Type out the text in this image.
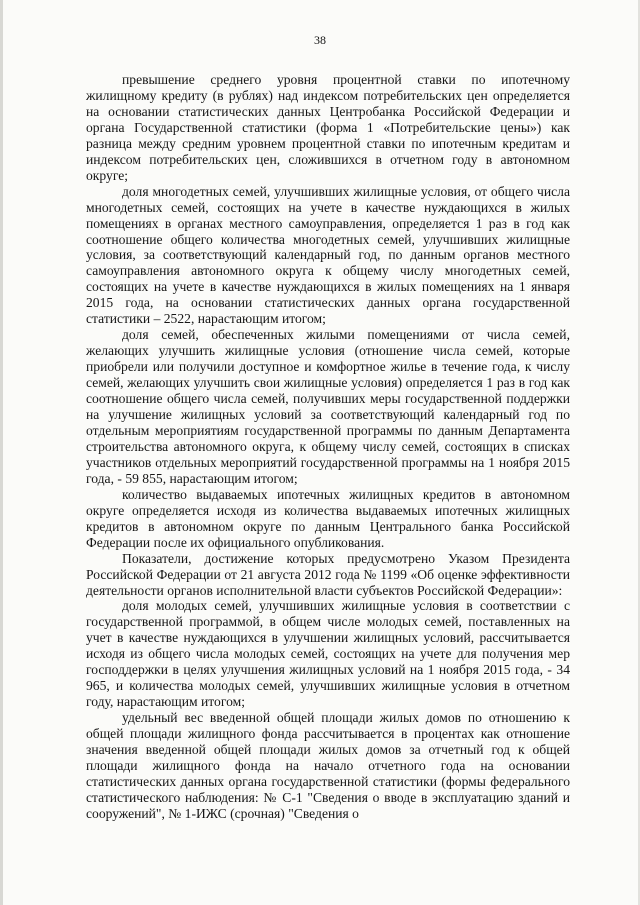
38

превышение среднего уровня процентной ставки по ипотечному жилищному кредиту (в рублях) над индексом потребительских цен определяется на основании статистических данных Центробанка Российской Федерации и органа Государственной статистики (форма 1 «Потребительские цены») как разница между средним уровнем процентной ставки по ипотечным кредитам и индексом потребительских цен, сложившихся в отчетном году в автономном округе;

доля многодетных семей, улучшивших жилищные условия, от общего числа многодетных семей, состоящих на учете в качестве нуждающихся в жилых помещениях в органах местного самоуправления, определяется 1 раз в год как соотношение общего количества многодетных семей, улучшивших жилищные условия, за соответствующий календарный год, по данным органов местного самоуправления автономного округа к общему числу многодетных семей, состоящих на учете в качестве нуждающихся в жилых помещениях на 1 января 2015 года, на основании статистических данных органа государственной статистики – 2522, нарастающим итогом;

доля семей, обеспеченных жилыми помещениями от числа семей, желающих улучшить жилищные условия (отношение числа семей, которые приобрели или получили доступное и комфортное жилье в течение года, к числу семей, желающих улучшить свои жилищные условия) определяется 1 раз в год как соотношение общего числа семей, получивших меры государственной поддержки на улучшение жилищных условий за соответствующий календарный год по отдельным мероприятиям государственной программы по данным Департамента строительства автономного округа, к общему числу семей, состоящих в списках участников отдельных мероприятий государственной программы на 1 ноября 2015 года, - 59 855, нарастающим итогом;

количество выдаваемых ипотечных жилищных кредитов в автономном округе определяется исходя из количества выдаваемых ипотечных жилищных кредитов в автономном округе по данным Центрального банка Российской Федерации после их официального опубликования.

Показатели, достижение которых предусмотрено Указом Президента Российской Федерации от 21 августа 2012 года № 1199 «Об оценке эффективности деятельности органов исполнительной власти субъектов Российской Федерации»:

доля молодых семей, улучшивших жилищные условия в соответствии с государственной программой, в общем числе молодых семей, поставленных на учет в качестве нуждающихся в улучшении жилищных условий, рассчитывается исходя из общего числа молодых семей, состоящих на учете для получения мер господдержки в целях улучшения жилищных условий на 1 ноября 2015 года, - 34 965, и количества молодых семей, улучшивших жилищные условия в отчетном году, нарастающим итогом;

удельный вес введенной общей площади жилых домов по отношению к общей площади жилищного фонда рассчитывается в процентах как отношение значения введенной общей площади жилых домов за отчетный год к общей площади жилищного фонда на начало отчетного года на основании статистических данных органа государственной статистики (формы федерального статистического наблюдения: № С-1 "Сведения о вводе в эксплуатацию зданий и сооружений", № 1-ИЖС (срочная) "Сведения о
